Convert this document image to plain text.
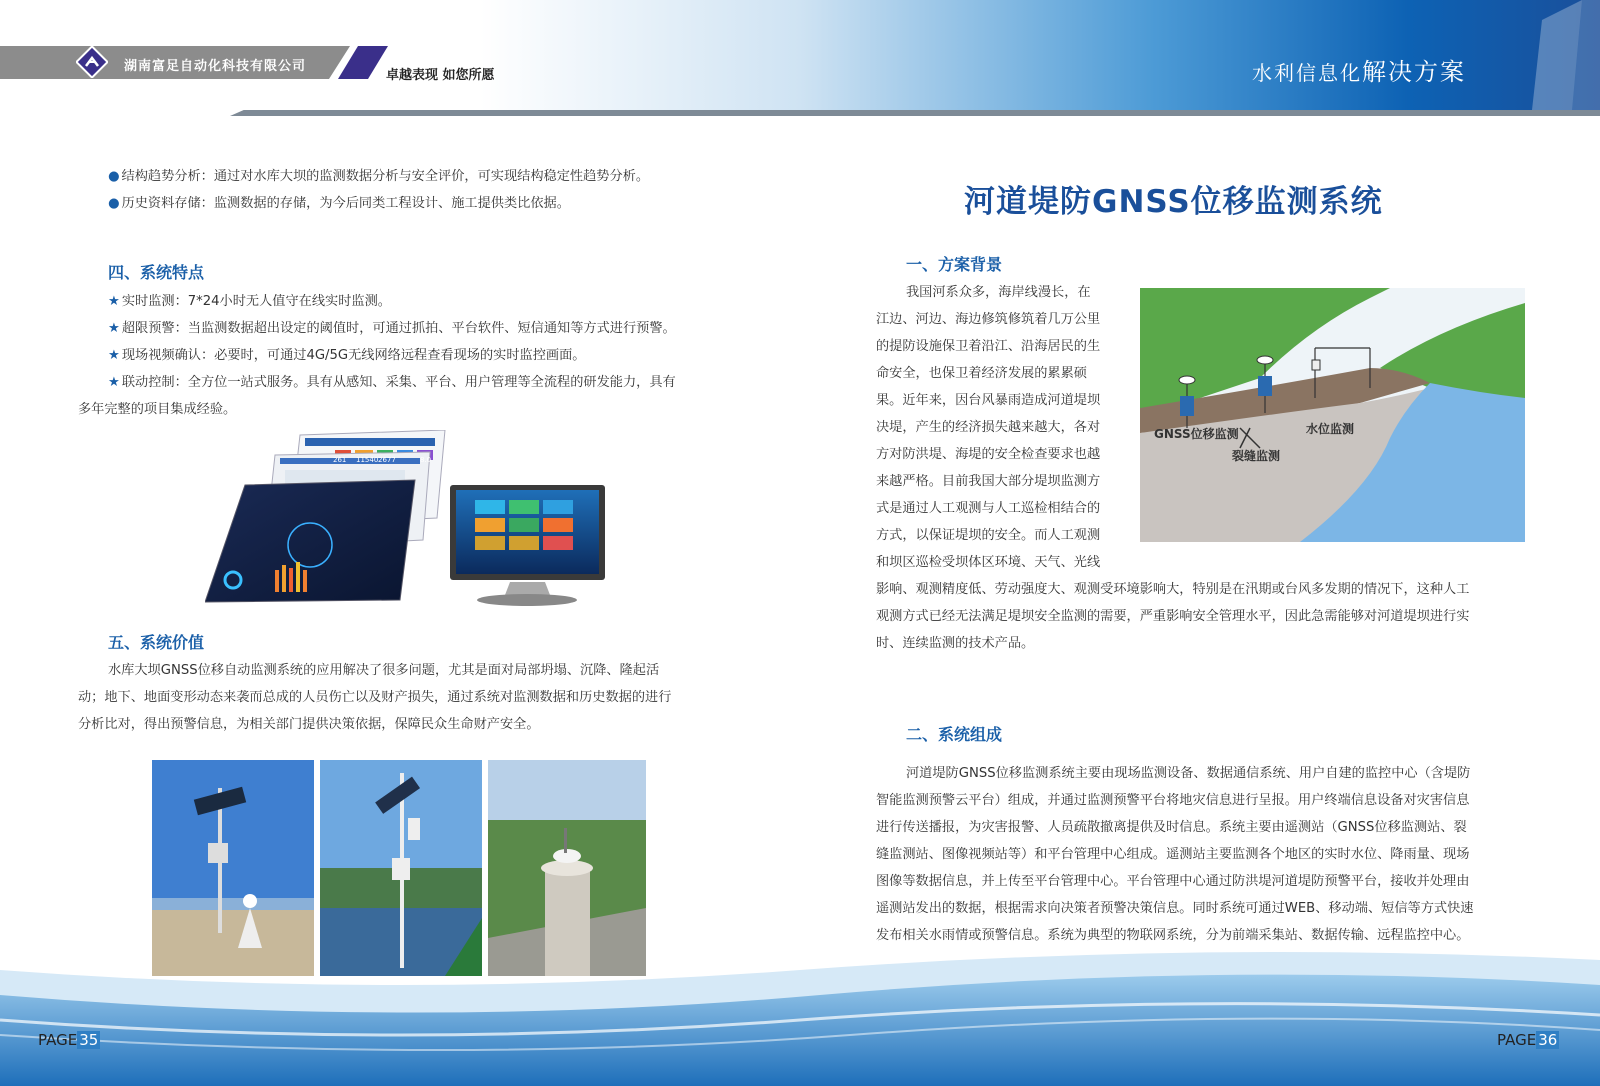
湖南富足自动化科技有限公司
卓越表现 如您所愿	水利信息化解决方案
● 结构趋势分析：通过对水库大坝的监测数据分析与安全评价，可实现结构稳定性趋势分析。
● 历史资料存储：监测数据的存储，为今后同类工程设计、施工提供类比依据。
四、系统特点
★ 实时监测：7*24小时无人值守在线实时监测。
★ 超限预警：当监测数据超出设定的阈值时，可通过抓拍、平台软件、短信通知等方式进行预警。
★ 现场视频确认：必要时，可通过4G/5G无线网络远程查看现场的实时监控画面。
★ 联动控制：全方位一站式服务。具有从感知、采集、平台、用户管理等全流程的研发能力，具有
多年完整的项目集成经验。
261 11540 2677	8.0
五、系统价值
水库大坝GNSS位移自动监测系统的应用解决了很多问题，尤其是面对局部坍塌、沉降、隆起活
动；地下、地面变形动态来袭而总成的人员伤亡以及财产损失，通过系统对监测数据和历史数据的进行
分析比对，得出预警信息，为相关部门提供决策依据，保障民众生命财产安全。
河道堤防GNSS位移监测系统
一、方案背景
我国河系众多，海岸线漫长，在
江边、河边、海边修筑修筑着几万公里
的提防设施保卫着沿江、沿海居民的生
命安全，也保卫着经济发展的累累硕
果。近年来，因台风暴雨造成河道堤坝
决堤，产生的经济损失越来越大，各对
方对防洪堤、海堤的安全检查要求也越
来越严格。目前我国大部分堤坝监测方
式是通过人工观测与人工巡检相结合的
方式，以保证堤坝的安全。而人工观测
和坝区巡检受坝体区环境、天气、光线
影响、观测精度低、劳动强度大、观测受环境影响大，特别是在汛期或台风多发期的情况下，这种人工
观测方式已经无法满足堤坝安全监测的需要，严重影响安全管理水平，因此急需能够对河道堤坝进行实
时、连续监测的技术产品。
GNSS位移监测
裂缝监测
水位监测
二、系统组成
河道堤防GNSS位移监测系统主要由现场监测设备、数据通信系统、用户自建的监控中心（含堤防
智能监测预警云平台）组成，并通过监测预警平台将地灾信息进行呈报。用户终端信息设备对灾害信息
进行传送播报，为灾害报警、人员疏散撤离提供及时信息。系统主要由遥测站（GNSS位移监测站、裂
缝监测站、图像视频站等）和平台管理中心组成。遥测站主要监测各个地区的实时水位、降雨量、现场
图像等数据信息，并上传至平台管理中心。平台管理中心通过防洪堤河道堤防预警平台，接收并处理由
遥测站发出的数据，根据需求向决策者预警决策信息。同时系统可通过WEB、移动端、短信等方式快速
发布相关水雨情或预警信息。系统为典型的物联网系统，分为前端采集站、数据传输、远程监控中心。
PAGE 35	PAGE 36
